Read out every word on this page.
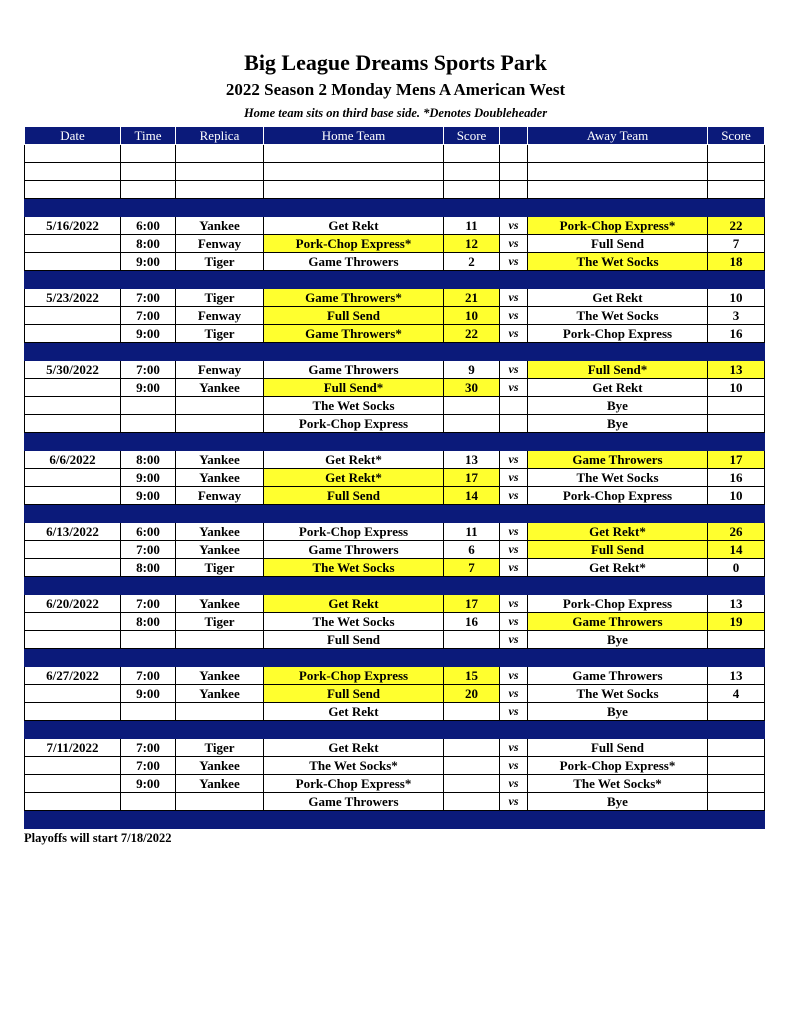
Big League Dreams Sports Park
2022 Season 2 Monday Mens A American West
Home team sits on third base side. *Denotes Doubleheader
Date	Time	Replica	Home Team	Score		Away Team	Score

5/16/2022	6:00	Yankee	Get Rekt	11	vs	Pork-Chop Express*	22
	8:00	Fenway	Pork-Chop Express*	12	vs	Full Send	7
	9:00	Tiger	Game Throwers	2	vs	The Wet Socks	18

5/23/2022	7:00	Tiger	Game Throwers*	21	vs	Get Rekt	10
	7:00	Fenway	Full Send	10	vs	The Wet Socks	3
	9:00	Tiger	Game Throwers*	22	vs	Pork-Chop Express	16

5/30/2022	7:00	Fenway	Game Throwers	9	vs	Full Send*	13
	9:00	Yankee	Full Send*	30	vs	Get Rekt	10
			The Wet Socks			Bye	
			Pork-Chop Express			Bye	

6/6/2022	8:00	Yankee	Get Rekt*	13	vs	Game Throwers	17
	9:00	Yankee	Get Rekt*	17	vs	The Wet Socks	16
	9:00	Fenway	Full Send	14	vs	Pork-Chop Express	10

6/13/2022	6:00	Yankee	Pork-Chop Express	11	vs	Get Rekt*	26
	7:00	Yankee	Game Throwers	6	vs	Full Send	14
	8:00	Tiger	The Wet Socks	7	vs	Get Rekt*	0

6/20/2022	7:00	Yankee	Get Rekt	17	vs	Pork-Chop Express	13
	8:00	Tiger	The Wet Socks	16	vs	Game Throwers	19
			Full Send		vs	Bye	

6/27/2022	7:00	Yankee	Pork-Chop Express	15	vs	Game Throwers	13
	9:00	Yankee	Full Send	20	vs	The Wet Socks	4
			Get Rekt		vs	Bye	

7/11/2022	7:00	Tiger	Get Rekt		vs	Full Send	
	7:00	Yankee	The Wet Socks*		vs	Pork-Chop Express*	
	9:00	Yankee	Pork-Chop Express*		vs	The Wet Socks*	
			Game Throwers		vs	Bye	

Playoffs will start 7/18/2022
